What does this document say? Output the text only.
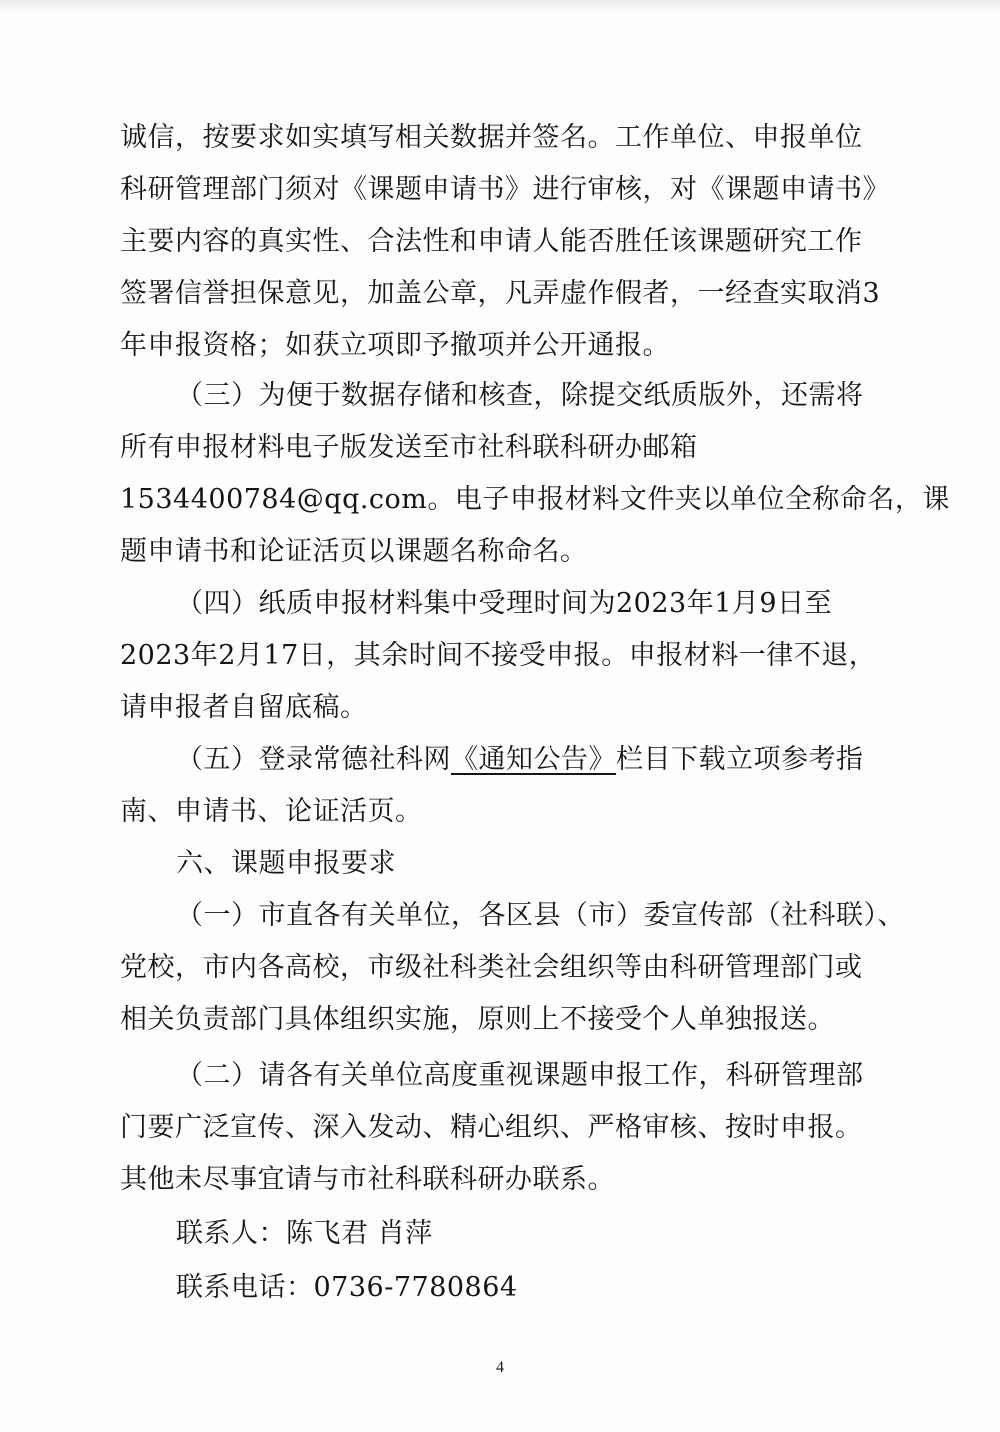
诚信，按要求如实填写相关数据并签名。工作单位、申报单位
科研管理部门须对《课题申请书》进行审核，对《课题申请书》
主要内容的真实性、合法性和申请人能否胜任该课题研究工作
签署信誉担保意见，加盖公章，凡弄虚作假者，一经查实取消3
年申报资格；如获立项即予撤项并公开通报。
（三）为便于数据存储和核查，除提交纸质版外，还需将
所有申报材料电子版发送至市社科联科研办邮箱
1534400784@qq.com。电子申报材料文件夹以单位全称命名，课
题申请书和论证活页以课题名称命名。
（四）纸质申报材料集中受理时间为2023年1月9日至
2023年2月17日，其余时间不接受申报。申报材料一律不退，
请申报者自留底稿。
（五）登录常德社科网《通知公告》栏目下载立项参考指
南、申请书、论证活页。
六、课题申报要求
（一）市直各有关单位，各区县（市）委宣传部（社科联）、
党校，市内各高校，市级社科类社会组织等由科研管理部门或
相关负责部门具体组织实施，原则上不接受个人单独报送。
（二）请各有关单位高度重视课题申报工作，科研管理部
门要广泛宣传、深入发动、精心组织、严格审核、按时申报。
其他未尽事宜请与市社科联科研办联系。
联系人：陈飞君 肖萍
联系电话：0736-7780864
4
